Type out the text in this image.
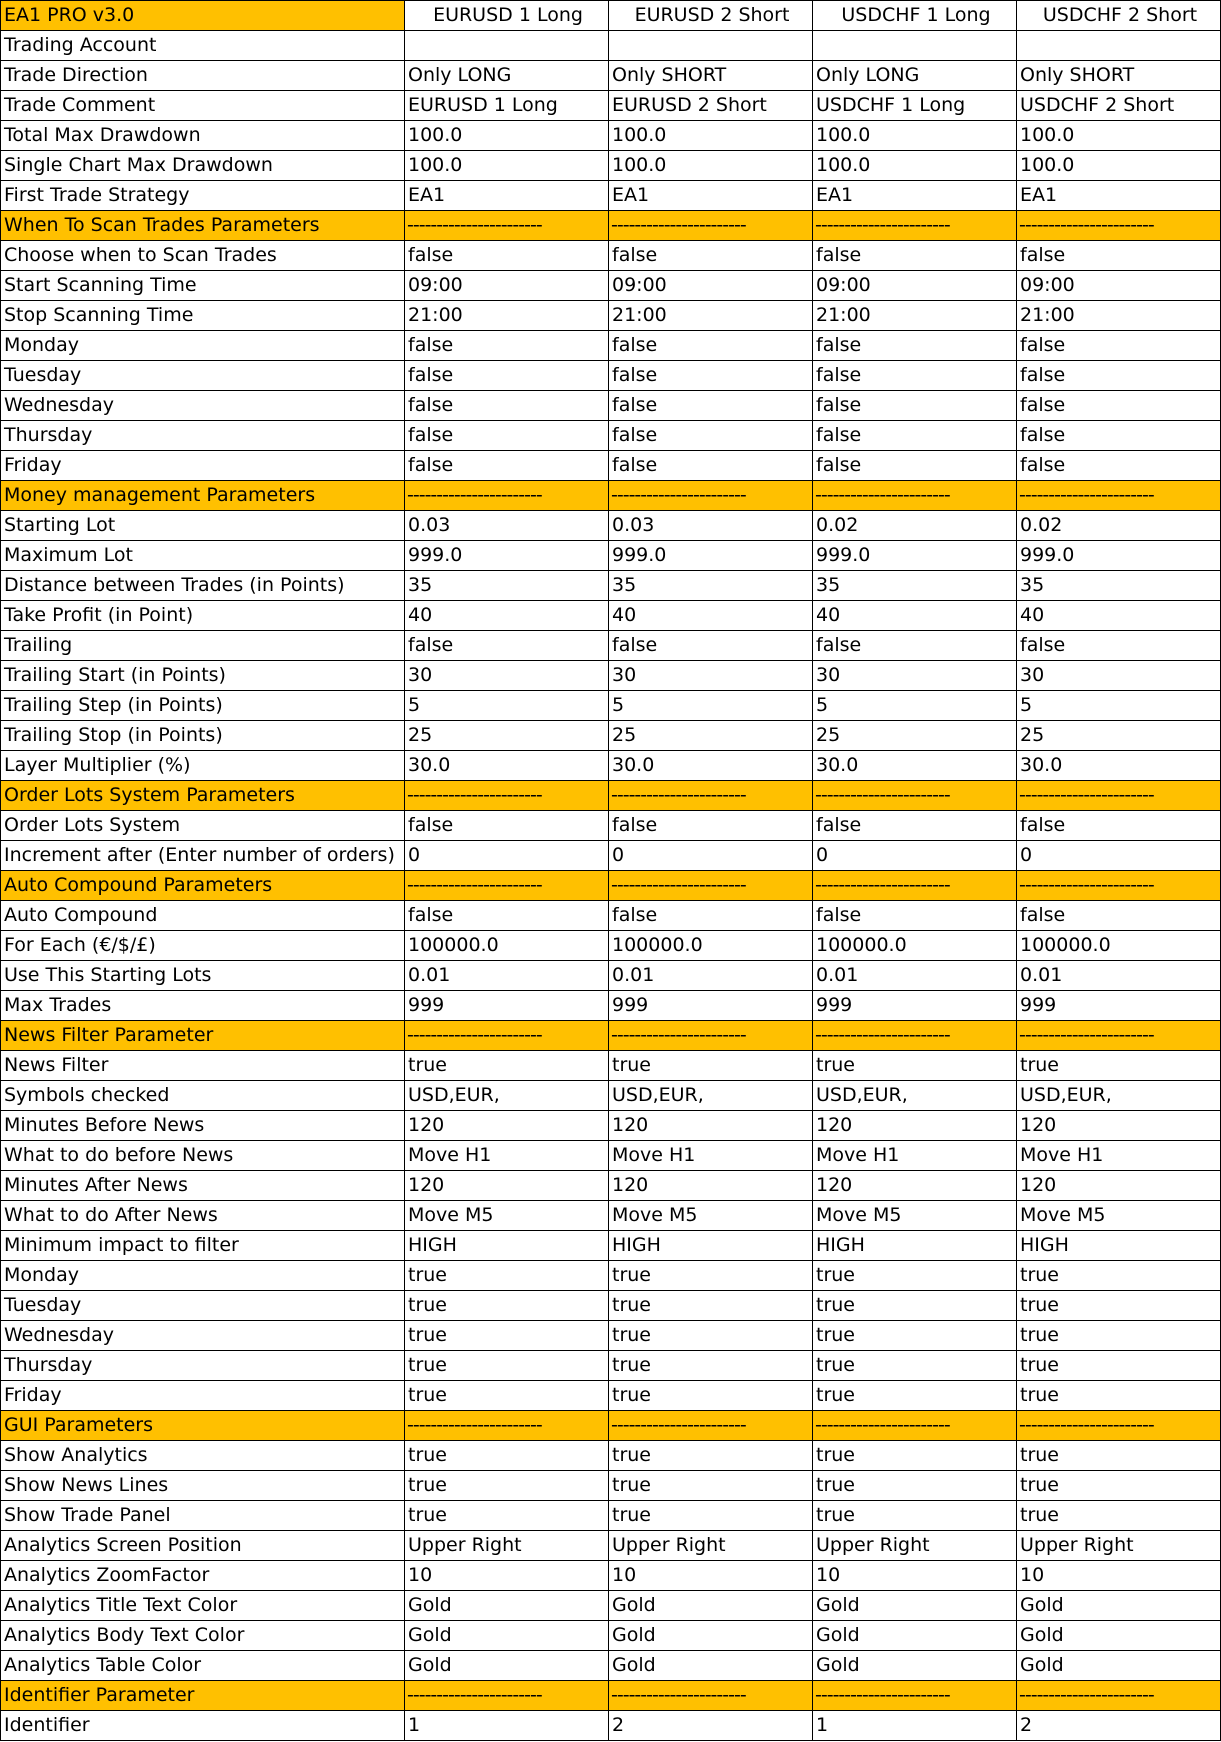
EA1 PRO v3.0	EURUSD 1 Long	EURUSD 2 Short	USDCHF 1 Long	USDCHF 2 Short
Trading Account				
Trade Direction	Only LONG	Only SHORT	Only LONG	Only SHORT
Trade Comment	EURUSD 1 Long	EURUSD 2 Short	USDCHF 1 Long	USDCHF 2 Short
Total Max Drawdown	100.0	100.0	100.0	100.0
Single Chart Max Drawdown	100.0	100.0	100.0	100.0
First Trade Strategy	EA1	EA1	EA1	EA1
When To Scan Trades Parameters	-----------------------	-----------------------	-----------------------	-----------------------
Choose when to Scan Trades	false	false	false	false
Start Scanning Time	09:00	09:00	09:00	09:00
Stop Scanning Time	21:00	21:00	21:00	21:00
Monday	false	false	false	false
Tuesday	false	false	false	false
Wednesday	false	false	false	false
Thursday	false	false	false	false
Friday	false	false	false	false
Money management Parameters	-----------------------	-----------------------	-----------------------	-----------------------
Starting Lot	0.03	0.03	0.02	0.02
Maximum Lot	999.0	999.0	999.0	999.0
Distance between Trades (in Points)	35	35	35	35
Take Profit (in Point)	40	40	40	40
Trailing	false	false	false	false
Trailing Start (in Points)	30	30	30	30
Trailing Step (in Points)	5	5	5	5
Trailing Stop (in Points)	25	25	25	25
Layer Multiplier (%)	30.0	30.0	30.0	30.0
Order Lots System Parameters	-----------------------	-----------------------	-----------------------	-----------------------
Order Lots System	false	false	false	false
Increment after (Enter number of orders)	0	0	0	0
Auto Compound Parameters	-----------------------	-----------------------	-----------------------	-----------------------
Auto Compound	false	false	false	false
For Each (€/$/£)	100000.0	100000.0	100000.0	100000.0
Use This Starting Lots	0.01	0.01	0.01	0.01
Max Trades	999	999	999	999
News Filter Parameter	-----------------------	-----------------------	-----------------------	-----------------------
News Filter	true	true	true	true
Symbols checked	USD,EUR,	USD,EUR,	USD,EUR,	USD,EUR,
Minutes Before News	120	120	120	120
What to do before News	Move H1	Move H1	Move H1	Move H1
Minutes After News	120	120	120	120
What to do After News	Move M5	Move M5	Move M5	Move M5
Minimum impact to filter	HIGH	HIGH	HIGH	HIGH
Monday	true	true	true	true
Tuesday	true	true	true	true
Wednesday	true	true	true	true
Thursday	true	true	true	true
Friday	true	true	true	true
GUI Parameters	-----------------------	-----------------------	-----------------------	-----------------------
Show Analytics	true	true	true	true
Show News Lines	true	true	true	true
Show Trade Panel	true	true	true	true
Analytics Screen Position	Upper Right	Upper Right	Upper Right	Upper Right
Analytics ZoomFactor	10	10	10	10
Analytics Title Text Color	Gold	Gold	Gold	Gold
Analytics Body Text Color	Gold	Gold	Gold	Gold
Analytics Table Color	Gold	Gold	Gold	Gold
Identifier Parameter	-----------------------	-----------------------	-----------------------	-----------------------
Identifier	1	2	1	2
